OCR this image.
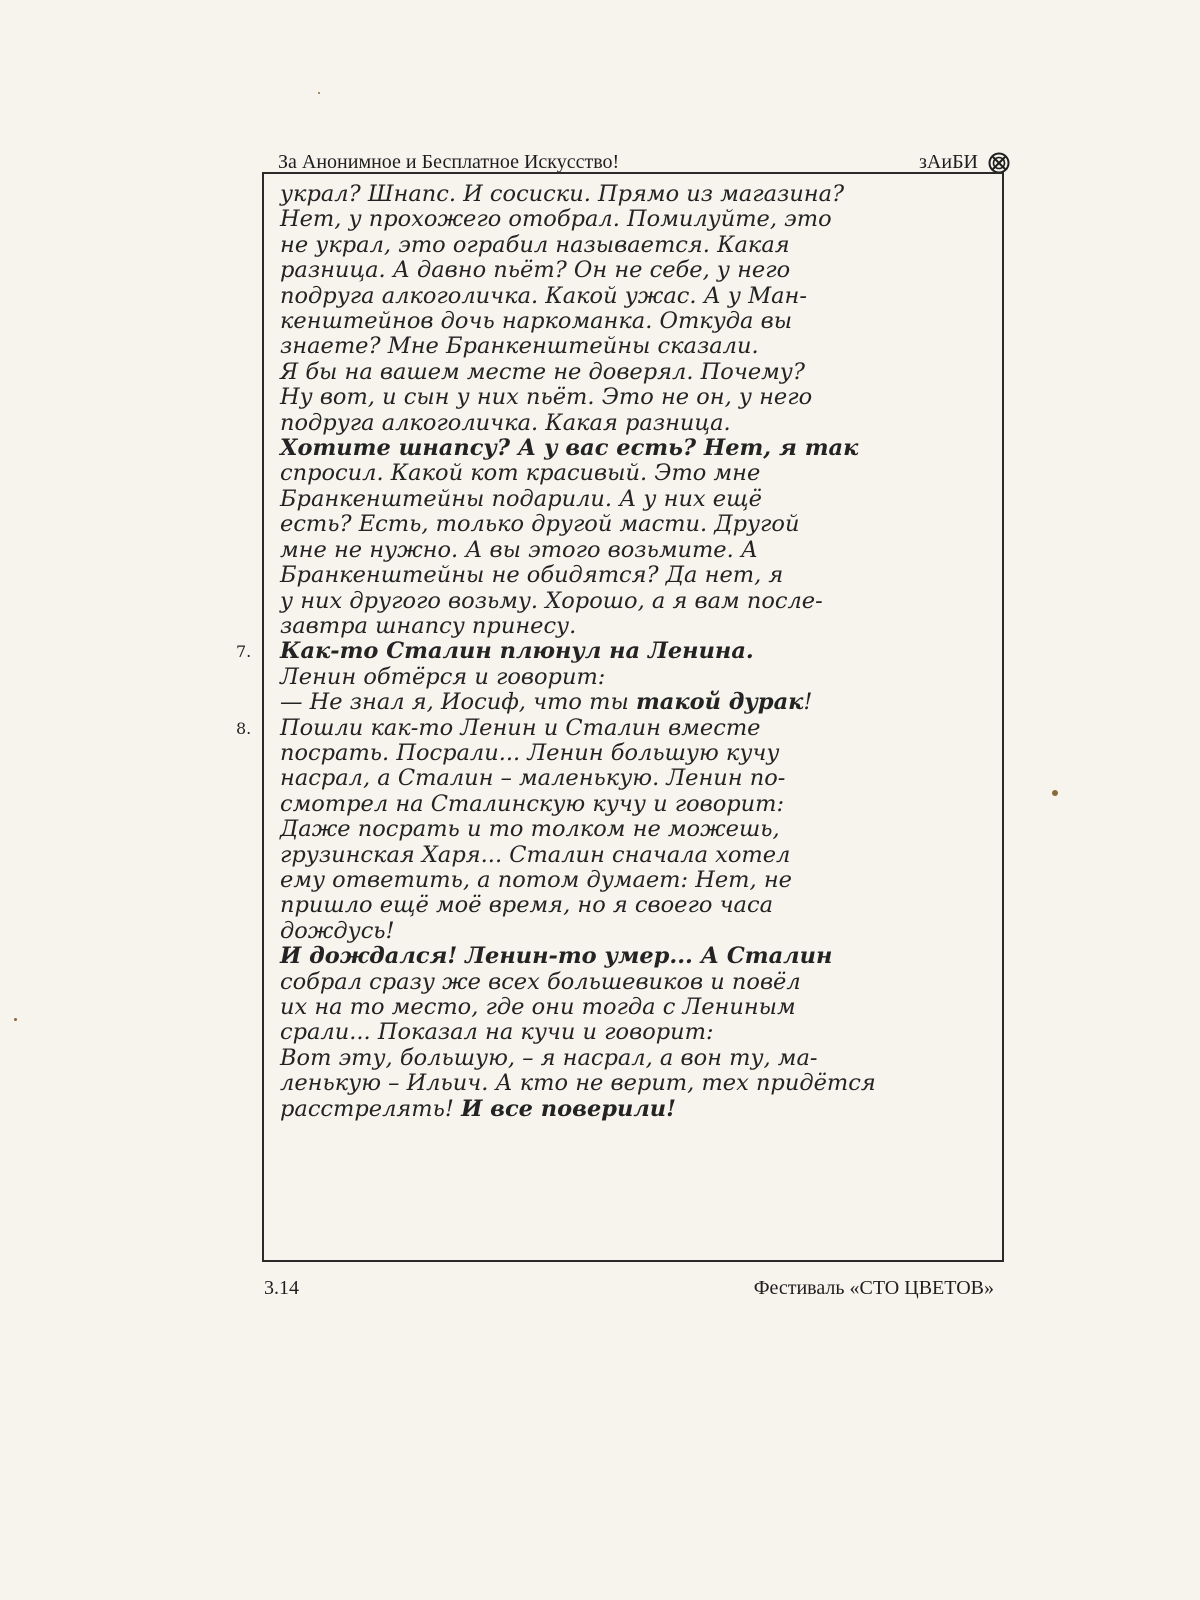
За Анонимное и Бесплатное Искусство!	зАиБИ

украл? Шнапс. И сосиски. Прямо из магазина?

Нет, у прохожего отобрал. Помилуйте, это

не украл, это ограбил называется. Какая

разница. А давно пьёт? Он не себе, у него

подруга алкоголичка. Какой ужас. А у Ман-

кенштейнов дочь наркоманка. Откуда вы

знаете? Мне Бранкенштейны сказали.

Я бы на вашем месте не доверял. Почему?

Ну вот, и сын у них пьёт. Это не он, у него

подруга алкоголичка. Какая разница.

Хотите шнапсу? А у вас есть? Нет, я так

спросил. Какой кот красивый. Это мне

Бранкенштейны подарили. А у них ещё

есть? Есть, только другой масти. Другой

мне не нужно. А вы этого возьмите. А

Бранкенштейны не обидятся? Да нет, я

у них другого возьму. Хорошо, а я вам после-

завтра шнапсу принесу.

7. Как-то Сталин плюнул на Ленина.

Ленин обтёрся и говорит:

— Не знал я, Иосиф, что ты такой дурак!

8. Пошли как-то Ленин и Сталин вместе

посрать. Посрали... Ленин большую кучу

насрал, а Сталин – маленькую. Ленин по-

смотрел на Сталинскую кучу и говорит:

Даже посрать и то толком не можешь,

грузинская Харя... Сталин сначала хотел

ему ответить, а потом думает: Нет, не

пришло ещё моё время, но я своего часа

дождусь!

И дождался! Ленин-то умер... А Сталин

собрал сразу же всех большевиков и повёл

их на то место, где они тогда с Лениным

срали... Показал на кучи и говорит:

Вот эту, большую, – я насрал, а вон ту, ма-

ленькую – Ильич. А кто не верит, тех придётся

расстрелять! И все поверили!

3.14	Фестиваль «СТО ЦВЕТОВ»
